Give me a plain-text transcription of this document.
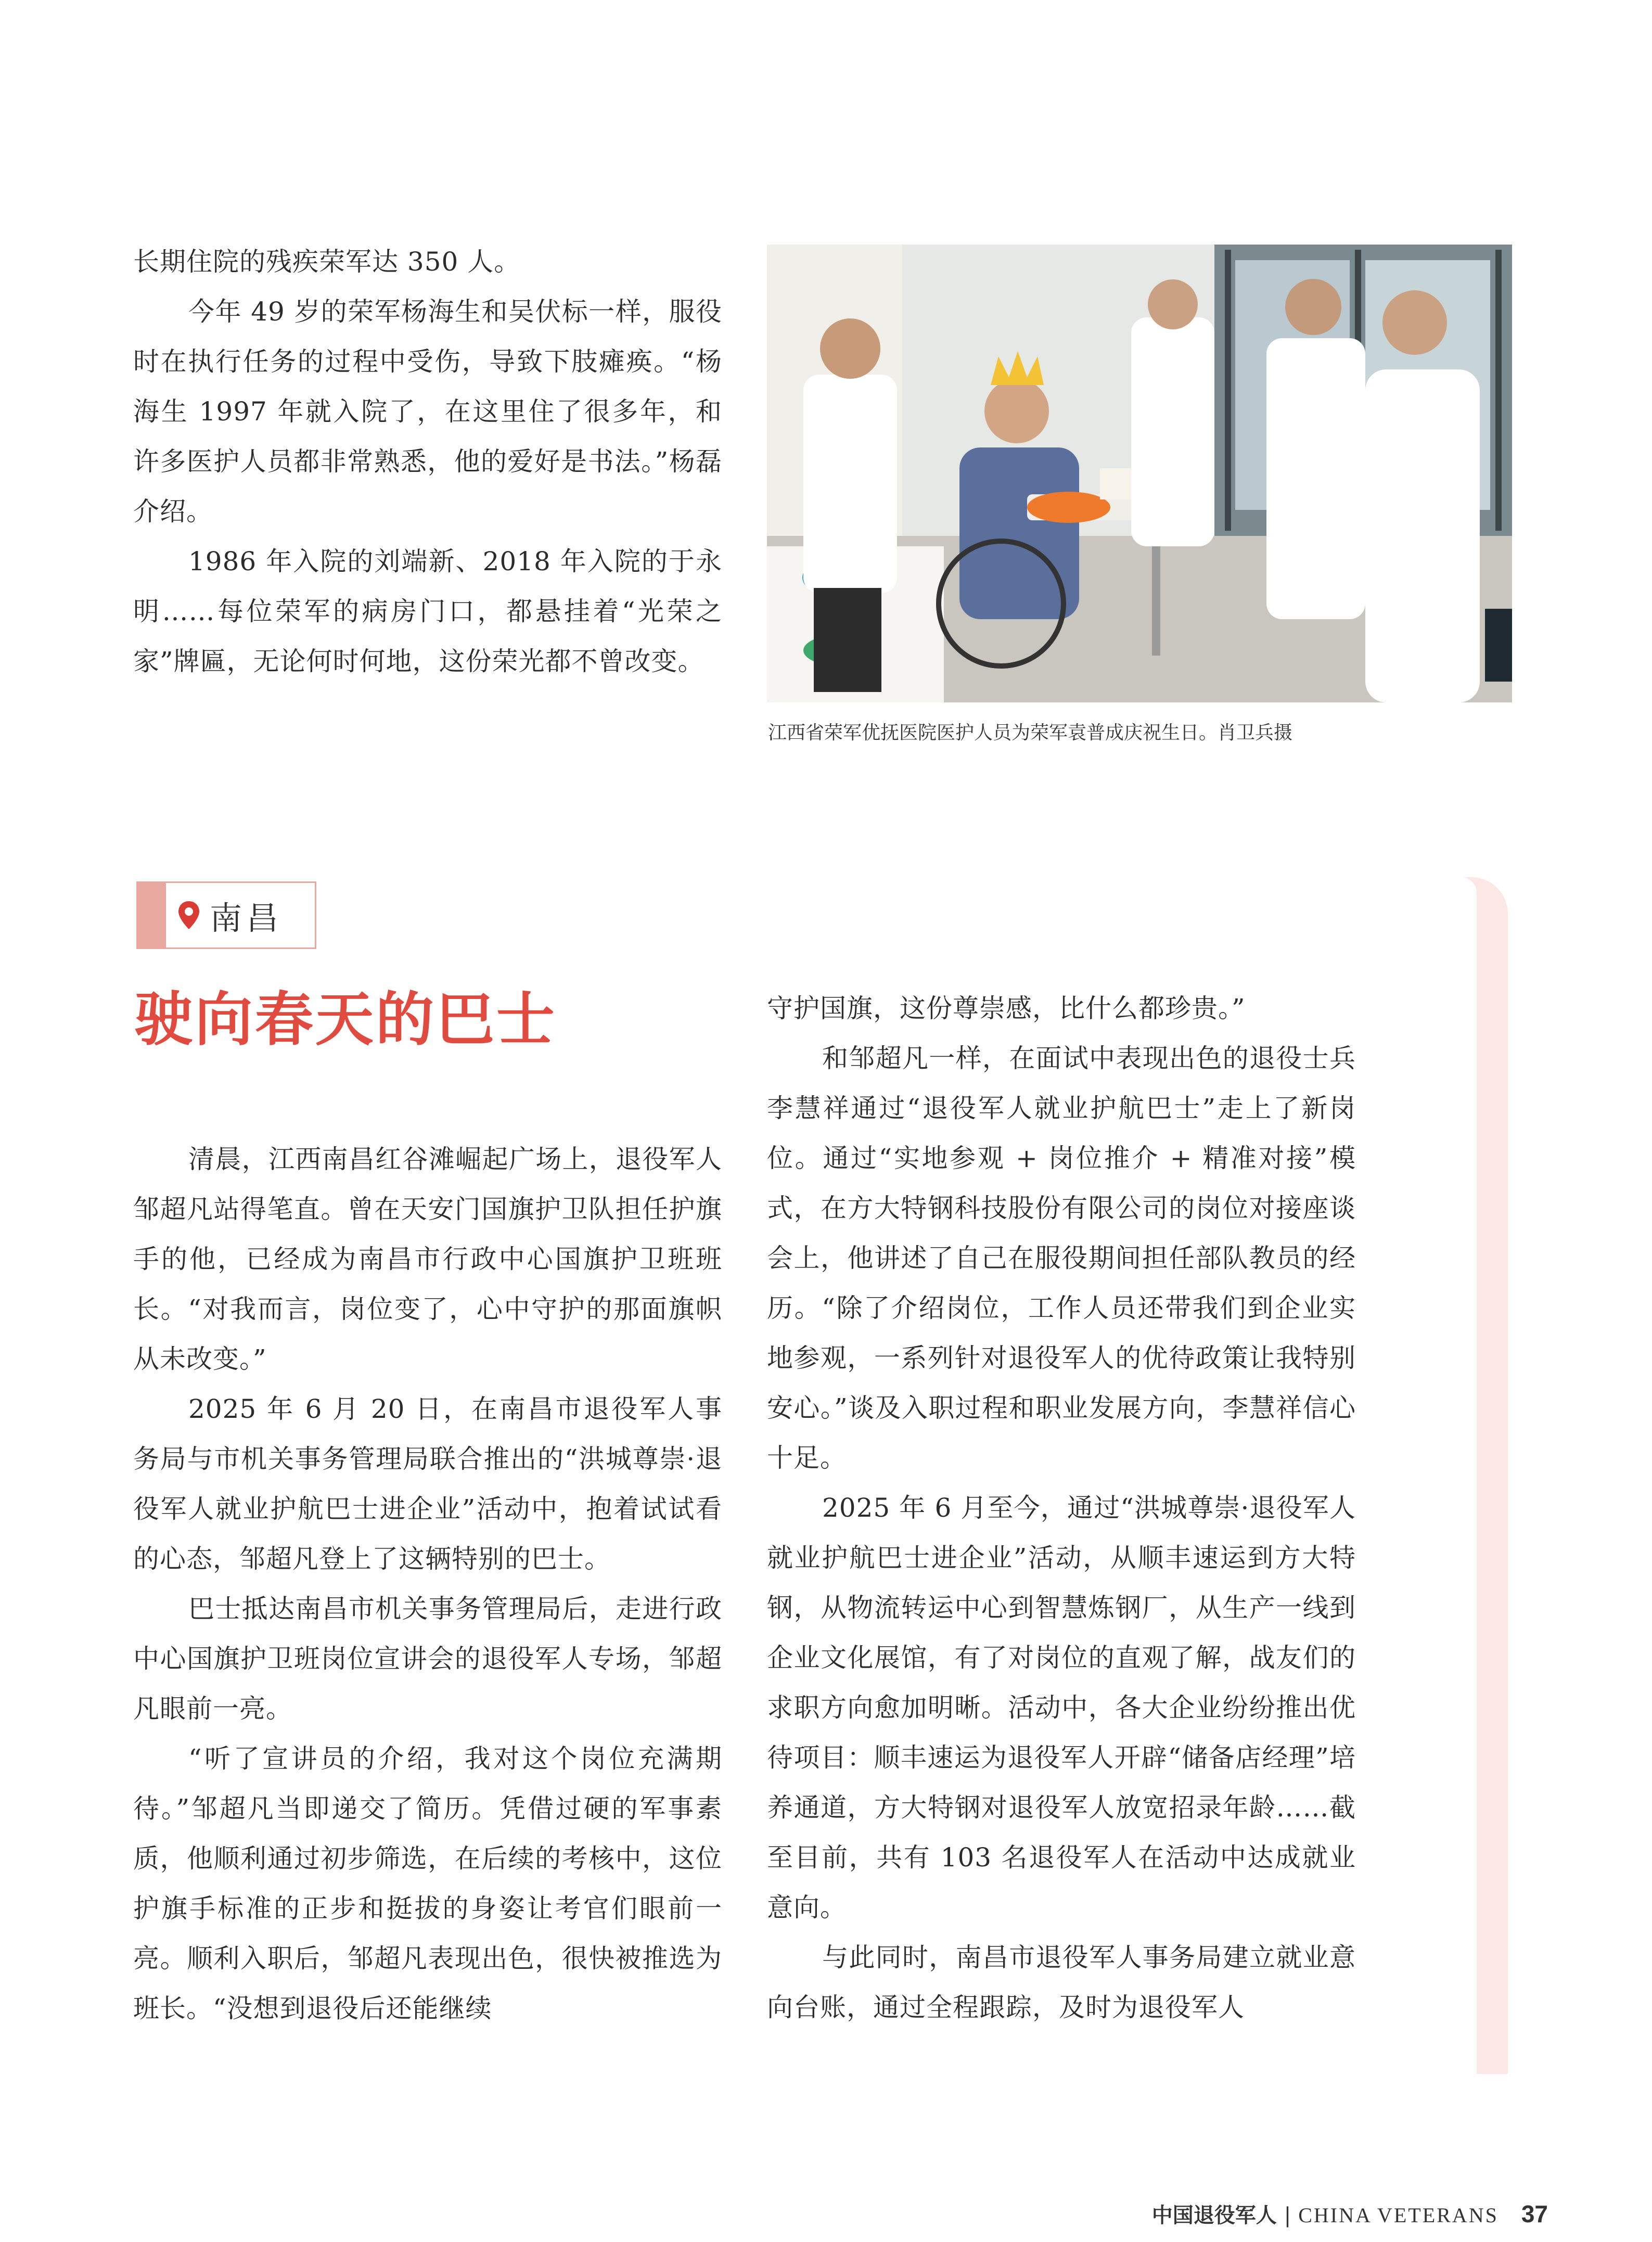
长期住院的残疾荣军达 350 人。

今年 49 岁的荣军杨海生和吴伏标一样，服役时在执行任务的过程中受伤，导致下肢瘫痪。“杨海生 1997 年就入院了，在这里住了很多年，和许多医护人员都非常熟悉，他的爱好是书法。”杨磊介绍。

1986 年入院的刘端新、2018 年入院的于永明……每位荣军的病房门口，都悬挂着“光荣之家”牌匾，无论何时何地，这份荣光都不曾改变。

江西省荣军优抚医院医护人员为荣军袁普成庆祝生日。肖卫兵摄
南昌
驶向春天的巴士

清晨，江西南昌红谷滩崛起广场上，退役军人邹超凡站得笔直。曾在天安门国旗护卫队担任护旗手的他，已经成为南昌市行政中心国旗护卫班班长。“对我而言，岗位变了，心中守护的那面旗帜从未改变。”

2025 年 6 月 20 日，在南昌市退役军人事务局与市机关事务管理局联合推出的“洪城尊崇·退役军人就业护航巴士进企业”活动中，抱着试试看的心态，邹超凡登上了这辆特别的巴士。

巴士抵达南昌市机关事务管理局后，走进行政中心国旗护卫班岗位宣讲会的退役军人专场，邹超凡眼前一亮。

“听了宣讲员的介绍，我对这个岗位充满期待。”邹超凡当即递交了简历。凭借过硬的军事素质，他顺利通过初步筛选，在后续的考核中，这位护旗手标准的正步和挺拔的身姿让考官们眼前一亮。顺利入职后，邹超凡表现出色，很快被推选为班长。“没想到退役后还能继续

守护国旗，这份尊崇感，比什么都珍贵。”

和邹超凡一样，在面试中表现出色的退役士兵李慧祥通过“退役军人就业护航巴士”走上了新岗位。通过“实地参观 + 岗位推介 + 精准对接”模式，在方大特钢科技股份有限公司的岗位对接座谈会上，他讲述了自己在服役期间担任部队教员的经历。“除了介绍岗位，工作人员还带我们到企业实地参观，一系列针对退役军人的优待政策让我特别安心。”谈及入职过程和职业发展方向，李慧祥信心十足。

2025 年 6 月至今，通过“洪城尊崇·退役军人就业护航巴士进企业”活动，从顺丰速运到方大特钢，从物流转运中心到智慧炼钢厂，从生产一线到企业文化展馆，有了对岗位的直观了解，战友们的求职方向愈加明晰。活动中，各大企业纷纷推出优待项目：顺丰速运为退役军人开辟“储备店经理”培养通道，方大特钢对退役军人放宽招录年龄……截至目前，共有 103 名退役军人在活动中达成就业意向。

与此同时，南昌市退役军人事务局建立就业意向台账，通过全程跟踪，及时为退役军人

中国退役军人 | CHINA VETERANS 37
